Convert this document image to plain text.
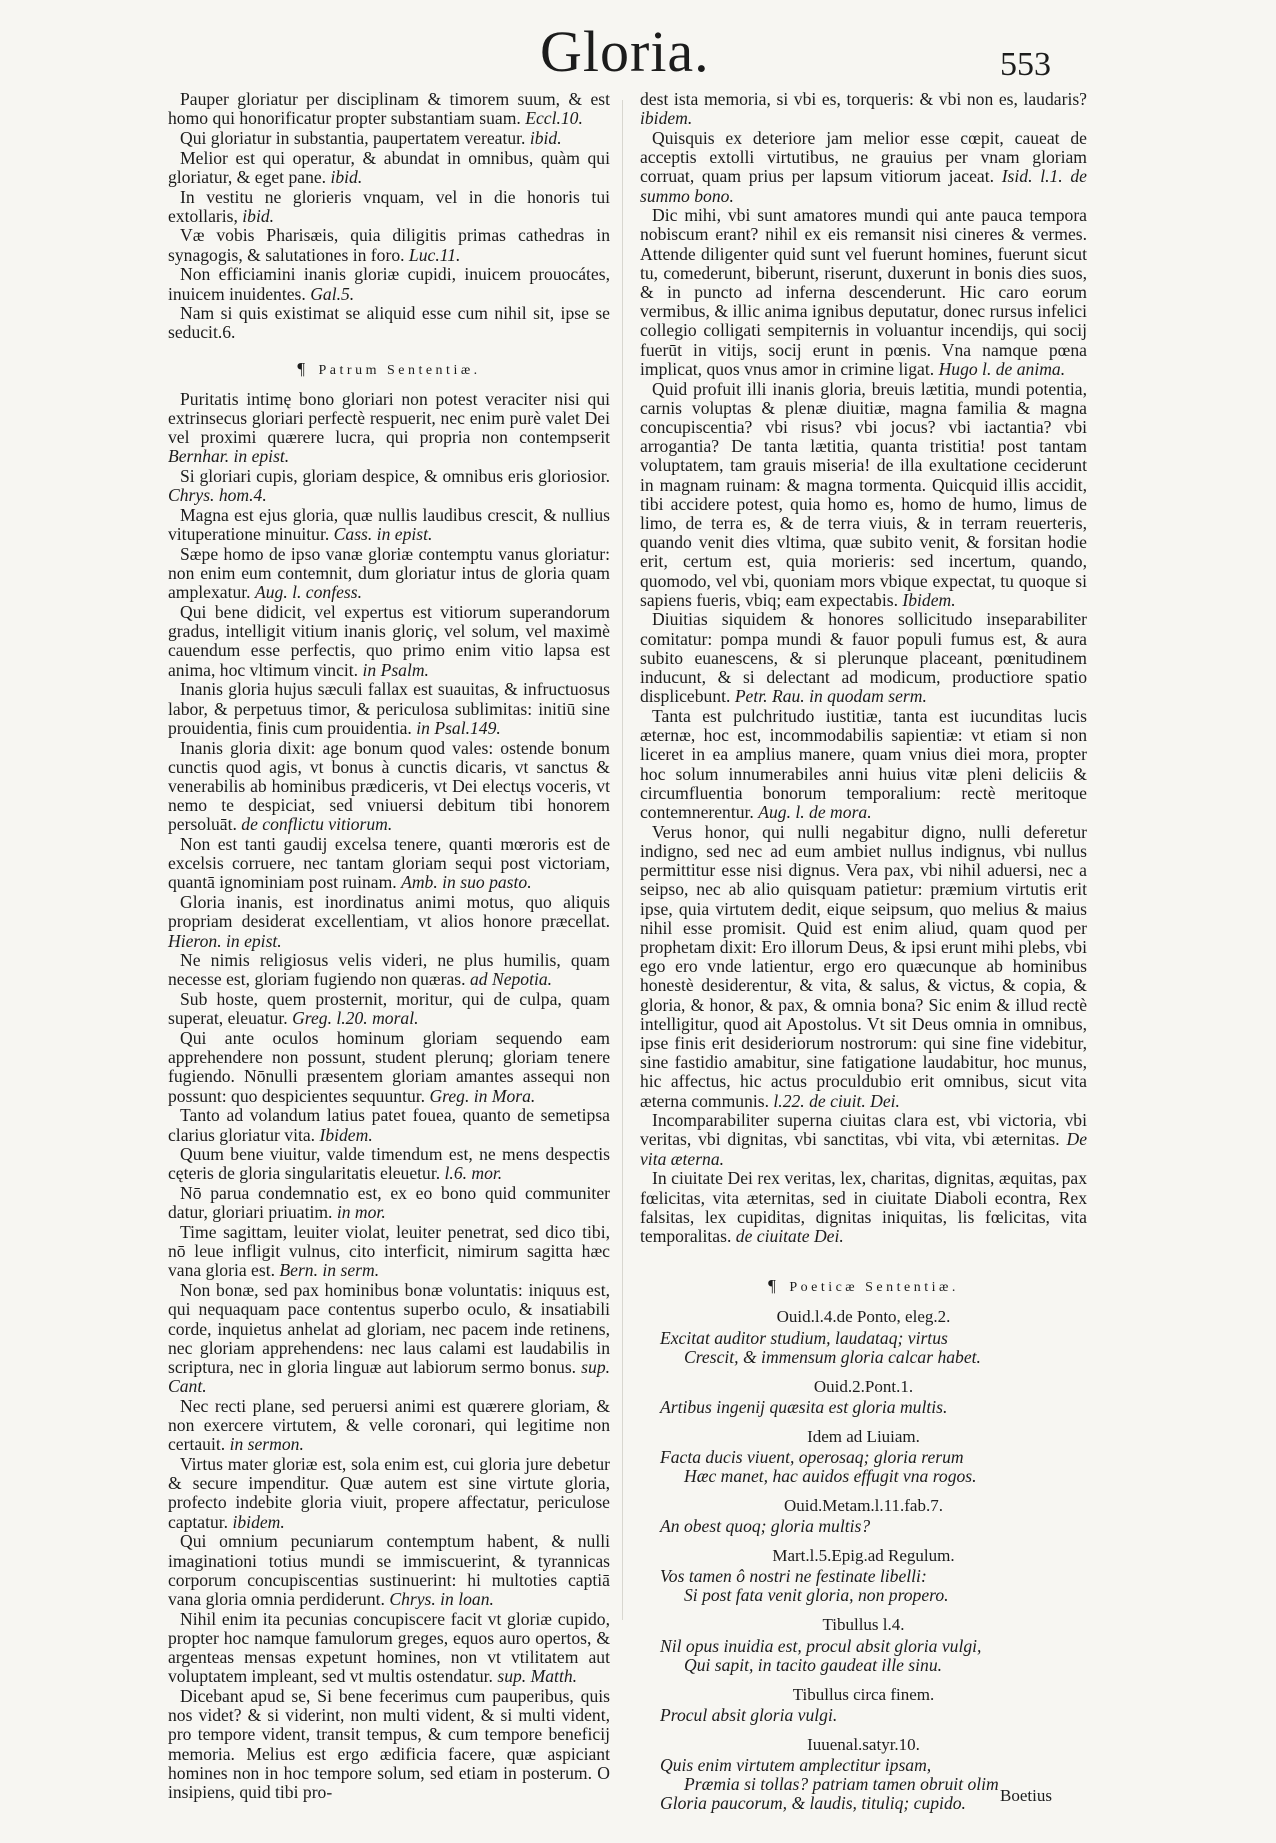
Gloria.	553

Pauper gloriatur per disciplinam & timorem suum, & est homo qui honorificatur propter substantiam suam. Eccl.10.

Qui gloriatur in substantia, paupertatem vereatur. ibid.

Melior est qui operatur, & abundat in omnibus, quàm qui gloriatur, & eget pane. ibid.

In vestitu ne glorieris vnquam, vel in die honoris tui extollaris, ibid.

Væ vobis Pharisæis, quia diligitis primas cathedras in synagogis, & salutationes in foro. Luc.11.

Non efficiamini inanis gloriæ cupidi, inuicem prouocátes, inuicem inuidentes. Gal.5.

Nam si quis existimat se aliquid esse cum nihil sit, ipse se seducit.6.

¶ Patrum Sententiæ.

Puritatis intimę bono gloriari non potest veraciter nisi qui extrinsecus gloriari perfectè respuerit, nec enim purè valet Dei vel proximi quærere lucra, qui propria non contempserit Bernhar. in epist.

Si gloriari cupis, gloriam despice, & omnibus eris gloriosior. Chrys. hom.4.

Magna est ejus gloria, quæ nullis laudibus crescit, & nullius vituperatione minuitur. Cass. in epist.

Sæpe homo de ipso vanæ gloriæ contemptu vanus gloriatur: non enim eum contemnit, dum gloriatur intus de gloria quam amplexatur. Aug. l. confess.

Qui bene didicit, vel expertus est vitiorum superandorum gradus, intelligit vitium inanis gloriç, vel solum, vel maximè cauendum esse perfectis, quo primo enim vitio lapsa est anima, hoc vltimum vincit. in Psalm.

Inanis gloria hujus sæculi fallax est suauitas, & infructuosus labor, & perpetuus timor, & periculosa sublimitas: initiū sine prouidentia, finis cum prouidentia. in Psal.149.

Inanis gloria dixit: age bonum quod vales: ostende bonum cunctis quod agis, vt bonus à cunctis dicaris, vt sanctus & venerabilis ab hominibus prædiceris, vt Dei electųs voceris, vt nemo te despiciat, sed vniuersi debitum tibi honorem persoluāt. de conflictu vitiorum.

Non est tanti gaudij excelsa tenere, quanti mœroris est de excelsis corruere, nec tantam gloriam sequi post victoriam, quantā ignominiam post ruinam. Amb. in suo pasto.

Gloria inanis, est inordinatus animi motus, quo aliquis propriam desiderat excellentiam, vt alios honore præcellat. Hieron. in epist.

Ne nimis religiosus velis videri, ne plus humilis, quam necesse est, gloriam fugiendo non quæras. ad Nepotia.

Sub hoste, quem prosternit, moritur, qui de culpa, quam superat, eleuatur. Greg. l.20. moral.

Qui ante oculos hominum gloriam sequendo eam apprehendere non possunt, student plerunq; gloriam tenere fugiendo. Nōnulli præsentem gloriam amantes assequi non possunt: quo despicientes sequuntur. Greg. in Mora.

Tanto ad volandum latius patet fouea, quanto de semetipsa clarius gloriatur vita. Ibidem.

Quum bene viuitur, valde timendum est, ne mens despectis cęteris de gloria singularitatis eleuetur. l.6. mor.

Nō parua condemnatio est, ex eo bono quid communiter datur, gloriari priuatim. in mor.

Time sagittam, leuiter violat, leuiter penetrat, sed dico tibi, nō leue infligit vulnus, cito interficit, nimirum sagitta hæc vana gloria est. Bern. in serm.

Non bonæ, sed pax hominibus bonæ voluntatis: iniquus est, qui nequaquam pace contentus superbo oculo, & insatiabili corde, inquietus anhelat ad gloriam, nec pacem inde retinens, nec gloriam apprehendens: nec laus calami est laudabilis in scriptura, nec in gloria linguæ aut labiorum sermo bonus. sup. Cant.

Nec recti plane, sed peruersi animi est quærere gloriam, & non exercere virtutem, & velle coronari, qui legitime non certauit. in sermon.

Virtus mater gloriæ est, sola enim est, cui gloria jure debetur & secure impenditur. Quæ autem est sine virtute gloria, profecto indebite gloria viuit, propere affectatur, periculose captatur. ibidem.

Qui omnium pecuniarum contemptum habent, & nulli imaginationi totius mundi se immiscuerint, & tyrannicas corporum concupiscentias sustinuerint: hi multoties captiā vana gloria omnia perdiderunt. Chrys. in loan.

Nihil enim ita pecunias concupiscere facit vt gloriæ cupido, propter hoc namque famulorum greges, equos auro opertos, & argenteas mensas expetunt homines, non vt vtilitatem aut voluptatem impleant, sed vt multis ostendatur. sup. Matth.

Dicebant apud se, Si bene fecerimus cum pauperibus, quis nos videt? & si viderint, non multi vident, & si multi vident, pro tempore vident, transit tempus, & cum tempore beneficij memoria. Melius est ergo ædificia facere, quæ aspiciant homines non in hoc tempore solum, sed etiam in posterum. O insipiens, quid tibi pro-

dest ista memoria, si vbi es, torqueris: & vbi non es, laudaris? ibidem.

Quisquis ex deteriore jam melior esse cœpit, caueat de acceptis extolli virtutibus, ne grauius per vnam gloriam corruat, quam prius per lapsum vitiorum jaceat. Isid. l.1. de summo bono.

Dic mihi, vbi sunt amatores mundi qui ante pauca tempora nobiscum erant? nihil ex eis remansit nisi cineres & vermes. Attende diligenter quid sunt vel fuerunt homines, fuerunt sicut tu, comederunt, biberunt, riserunt, duxerunt in bonis dies suos, & in puncto ad inferna descenderunt. Hic caro eorum vermibus, & illic anima ignibus deputatur, donec rursus infelici collegio colligati sempiternis in voluantur incendijs, qui socij fuerūt in vitijs, socij erunt in pœnis. Vna namque pœna implicat, quos vnus amor in crimine ligat. Hugo l. de anima.

Quid profuit illi inanis gloria, breuis lætitia, mundi potentia, carnis voluptas & plenæ diuitiæ, magna familia & magna concupiscentia? vbi risus? vbi jocus? vbi iactantia? vbi arrogantia? De tanta lætitia, quanta tristitia! post tantam voluptatem, tam grauis miseria! de illa exultatione ceciderunt in magnam ruinam: & magna tormenta. Quicquid illis accidit, tibi accidere potest, quia homo es, homo de humo, limus de limo, de terra es, & de terra viuis, & in terram reuerteris, quando venit dies vltima, quæ subito venit, & forsitan hodie erit, certum est, quia morieris: sed incertum, quando, quomodo, vel vbi, quoniam mors vbique expectat, tu quoque si sapiens fueris, vbiq; eam expectabis. Ibidem.

Diuitias siquidem & honores sollicitudo inseparabiliter comitatur: pompa mundi & fauor populi fumus est, & aura subito euanescens, & si plerunque placeant, pœnitudinem inducunt, & si delectant ad modicum, productiore spatio displicebunt. Petr. Rau. in quodam serm.

Tanta est pulchritudo iustitiæ, tanta est iucunditas lucis æternæ, hoc est, incommodabilis sapientiæ: vt etiam si non liceret in ea amplius manere, quam vnius diei mora, propter hoc solum innumerabiles anni huius vitæ pleni deliciis & circumfluentia bonorum temporalium: rectè meritoque contemnerentur. Aug. l. de mora.

Verus honor, qui nulli negabitur digno, nulli deferetur indigno, sed nec ad eum ambiet nullus indignus, vbi nullus permittitur esse nisi dignus. Vera pax, vbi nihil aduersi, nec a seipso, nec ab alio quisquam patietur: præmium virtutis erit ipse, quia virtutem dedit, eique seipsum, quo melius & maius nihil esse promisit. Quid est enim aliud, quam quod per prophetam dixit: Ero illorum Deus, & ipsi erunt mihi plebs, vbi ego ero vnde latientur, ergo ero quæcunque ab hominibus honestè desiderentur, & vita, & salus, & victus, & copia, & gloria, & honor, & pax, & omnia bona? Sic enim & illud rectè intelligitur, quod ait Apostolus. Vt sit Deus omnia in omnibus, ipse finis erit desideriorum nostrorum: qui sine fine videbitur, sine fastidio amabitur, sine fatigatione laudabitur, hoc munus, hic affectus, hic actus proculdubio erit omnibus, sicut vita æterna communis. l.22. de ciuit. Dei.

Incomparabiliter superna ciuitas clara est, vbi victoria, vbi veritas, vbi dignitas, vbi sanctitas, vbi vita, vbi æternitas. De vita æterna.

In ciuitate Dei rex veritas, lex, charitas, dignitas, æquitas, pax fœlicitas, vita æternitas, sed in ciuitate Diaboli econtra, Rex falsitas, lex cupiditas, dignitas iniquitas, lis fœlicitas, vita temporalitas. de ciuitate Dei.

¶ Poeticæ Sententiæ.
Ouid.l.4.de Ponto, eleg.2.
Excitat auditor studium, laudataq; virtus
Crescit, & immensum gloria calcar habet.
Ouid.2.Pont.1.
Artibus ingenij quæsita est gloria multis.
Idem ad Liuiam.
Facta ducis viuent, operosaq; gloria rerum
Hæc manet, hac auidos effugit vna rogos.
Ouid.Metam.l.11.fab.7.
An obest quoq; gloria multis?
Mart.l.5.Epig.ad Regulum.
Vos tamen ô nostri ne festinate libelli:
Si post fata venit gloria, non propero.
Tibullus l.4.
Nil opus inuidia est, procul absit gloria vulgi,
Qui sapit, in tacito gaudeat ille sinu.
Tibullus circa finem.
Procul absit gloria vulgi.
Iuuenal.satyr.10.
Quis enim virtutem amplectitur ipsam,
Præmia si tollas? patriam tamen obruit olim
Gloria paucorum, & laudis, tituliq; cupido.	Boetius
